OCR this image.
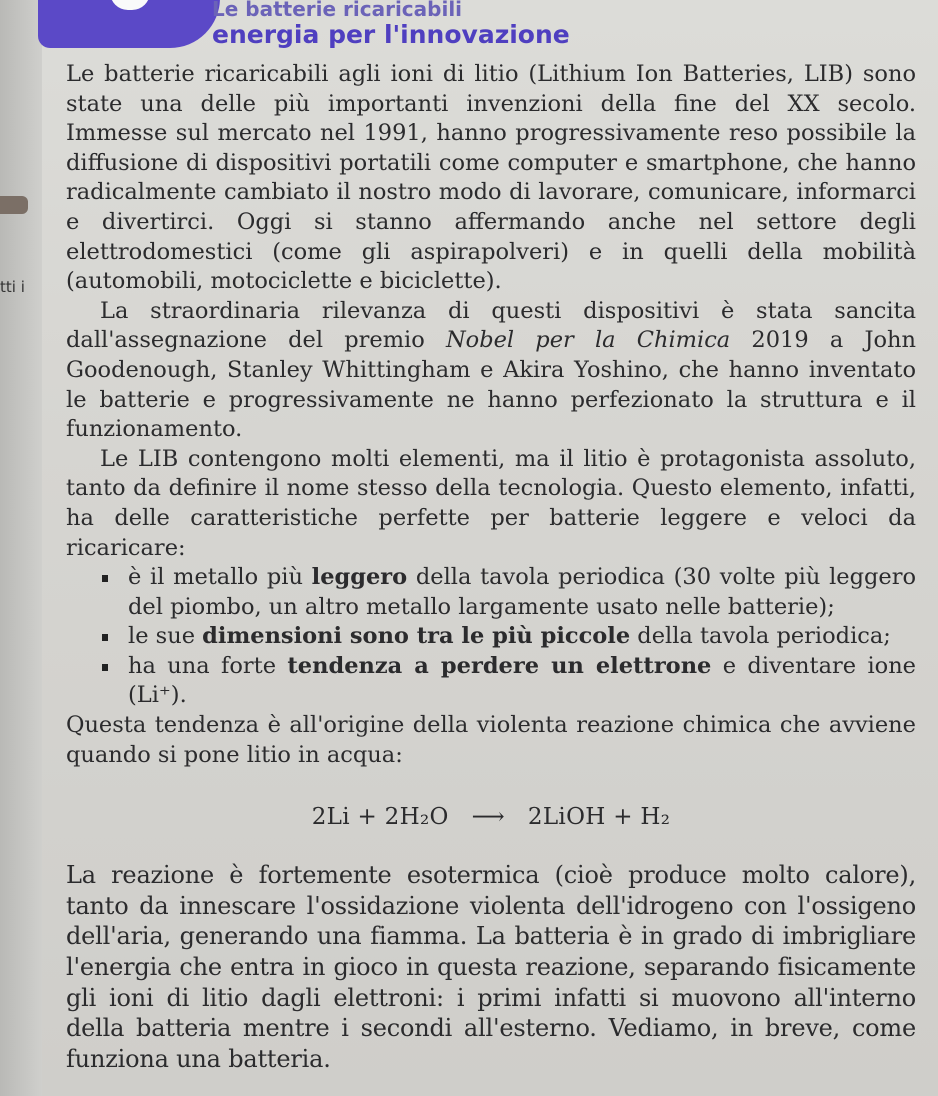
tti i
Le batterie ricaricabili
energia per l'innovazione

Le batterie ricaricabili agli ioni di litio (Lithium Ion Batteries, LIB) sono state una delle più importanti invenzioni della fine del XX secolo. Immesse sul mercato nel 1991, hanno progressivamente reso possibile la diffusione di dispositivi portatili come computer e smartphone, che hanno radicalmente cambiato il nostro modo di lavorare, comunicare, informarci e divertirci. Oggi si stanno affermando anche nel settore degli elettrodomestici (come gli aspirapolveri) e in quelli della mobilità (automobili, motociclette e biciclette).

La straordinaria rilevanza di questi dispositivi è stata sancita dall'assegnazione del premio Nobel per la Chimica 2019 a John Goodenough, Stanley Whittingham e Akira Yoshino, che hanno inventato le batterie e progressivamente ne hanno perfezionato la struttura e il funzionamento.

Le LIB contengono molti elementi, ma il litio è protagonista assoluto, tanto da definire il nome stesso della tecnologia. Questo elemento, infatti, ha delle caratteristiche perfette per batterie leggere e veloci da ricaricare:

è il metallo più leggero della tavola periodica (30 volte più leggero del piombo, un altro metallo largamente usato nelle batterie);
le sue dimensioni sono tra le più piccole della tavola periodica;
ha una forte tendenza a perdere un elettrone e diventare ione (Li⁺).

Questa tendenza è all'origine della violenta reazione chimica che avviene quando si pone litio in acqua:

2Li + 2H₂O ⟶ 2LiOH + H₂

La reazione è fortemente esotermica (cioè produce molto calore), tanto da innescare l'ossidazione violenta dell'idrogeno con l'ossigeno dell'aria, generando una fiamma. La batteria è in grado di imbrigliare l'energia che entra in gioco in questa reazione, separando fisicamente gli ioni di litio dagli elettroni: i primi infatti si muovono all'interno della batteria mentre i secondi all'esterno. Vediamo, in breve, come funziona una batteria.
